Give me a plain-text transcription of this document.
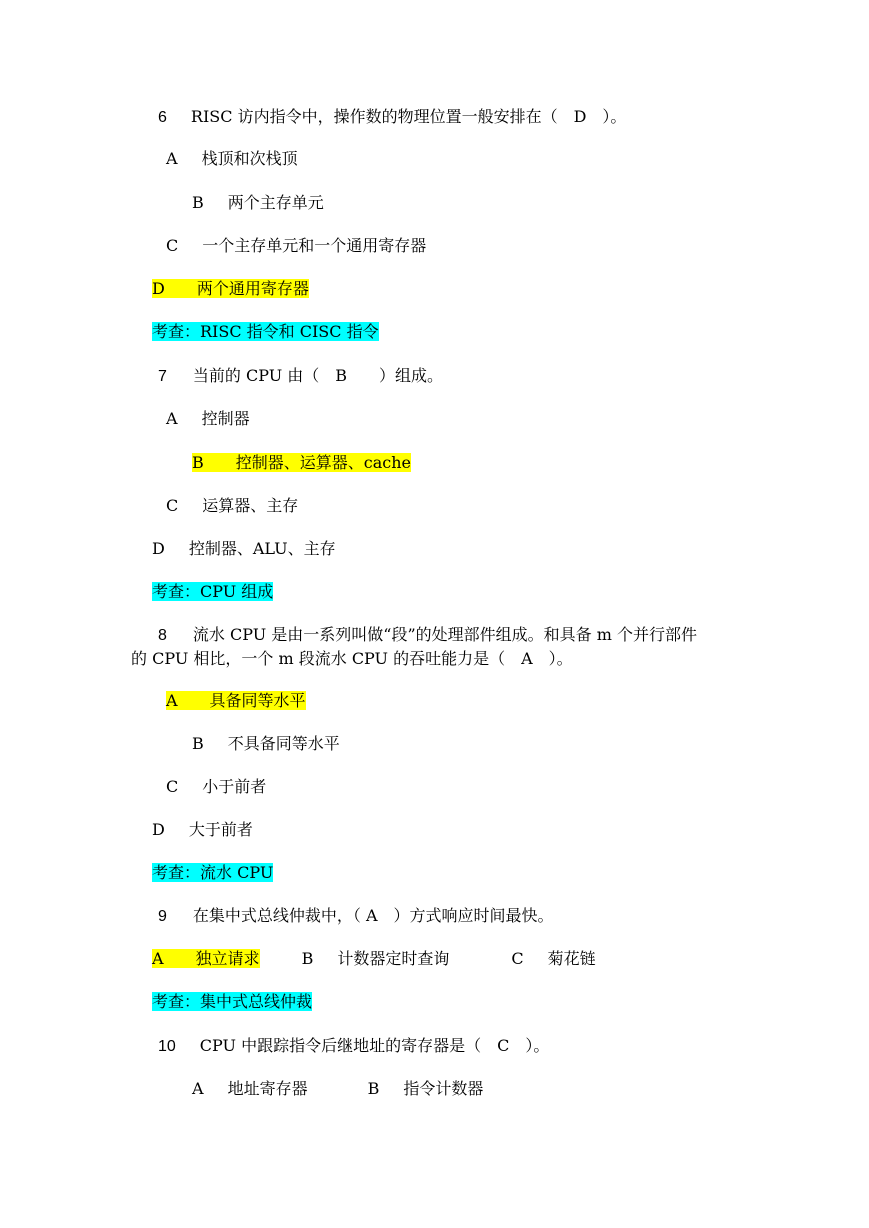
6 RISC 访内指令中，操作数的物理位置一般安排在（　D　）。
A 栈顶和次栈顶
B 两个主存单元
C 一个主存单元和一个通用寄存器
D　　两个通用寄存器
考查：RISC 指令和 CISC 指令
7 当前的 CPU 由（　B　　）组成。
A 控制器
B　　控制器、运算器、cache
C 运算器、主存
D 控制器、ALU、主存
考查：CPU 组成
8 流水 CPU 是由一系列叫做“段”的处理部件组成。和具备 m 个并行部件
的 CPU 相比，一个 m 段流水 CPU 的吞吐能力是（　A　）。
A　　具备同等水平
B 不具备同等水平
C 小于前者
D 大于前者
考查：流水 CPU
9 在集中式总线仲裁中，（ A　）方式响应时间最快。
A　　独立请求	B 计数器定时查询	C 菊花链
考查：集中式总线仲裁
10 CPU 中跟踪指令后继地址的寄存器是（　C　）。
A 地址寄存器	B 指令计数器
